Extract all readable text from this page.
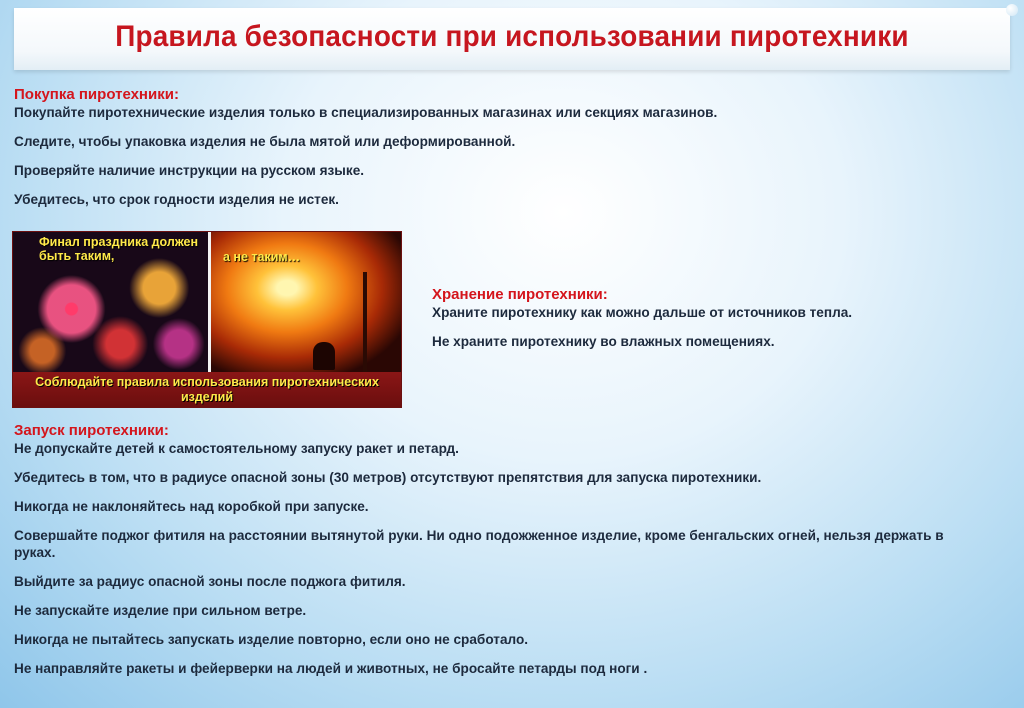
Правила безопасности при использовании пиротехники
Покупка пиротехники:
Покупайте пиротехнические изделия только в специализированных магазинах или секциях магазинов.
Следите, чтобы упаковка изделия не была мятой или деформированной.
Проверяйте наличие инструкции на русском языке.
Убедитесь, что срок годности изделия не истек.
Финал праздника должен быть таким,	а не таким…
Соблюдайте правила использования пиротехнических изделий
Хранение пиротехники:
Храните пиротехнику как можно дальше от источников тепла.
Не храните пиротехнику во влажных помещениях.
Запуск пиротехники:
Не допускайте детей к самостоятельному запуску ракет и петард.
Убедитесь в том, что в радиусе опасной зоны (30 метров) отсутствуют препятствия для запуска пиротехники.
Никогда не наклоняйтесь над коробкой при запуске.
Совершайте поджог фитиля на расстоянии вытянутой руки. Ни одно подожженное изделие, кроме бенгальских огней, нельзя держать в руках.
Выйдите за радиус опасной зоны после поджога фитиля.
Не запускайте изделие при сильном ветре.
Никогда не пытайтесь запускать изделие повторно, если оно не сработало.
Не направляйте ракеты и фейерверки на людей и животных, не бросайте петарды под ноги .
